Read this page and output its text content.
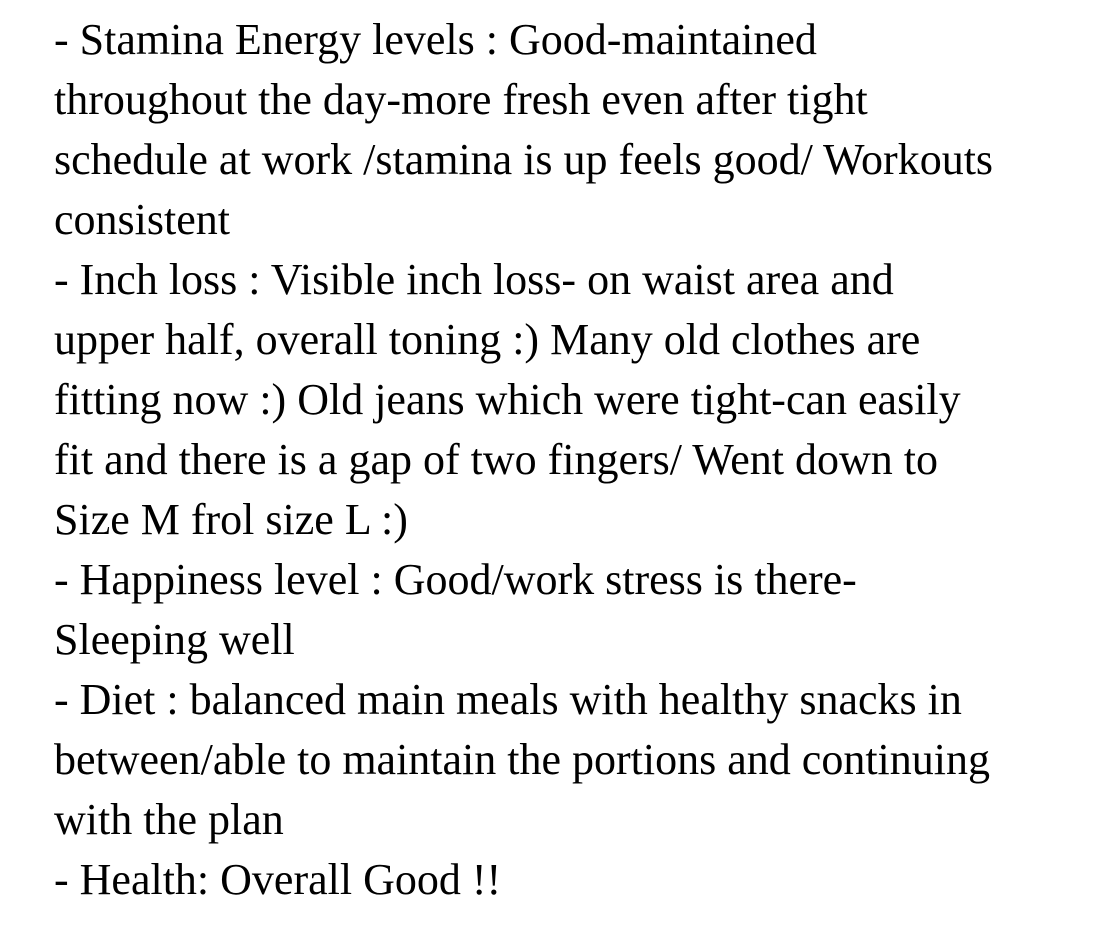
- Stamina Energy levels : Good-maintained
throughout the day-more fresh even after tight
schedule at work /stamina is up feels good/ Workouts
consistent
- Inch loss : Visible inch loss- on waist area and
upper half, overall toning :) Many old clothes are
fitting now :) Old jeans which were tight-can easily
fit and there is a gap of two fingers/ Went down to
Size M frol size L :)
- Happiness level : Good/work stress is there-
Sleeping well
- Diet : balanced main meals with healthy snacks in
between/able to maintain the portions and continuing
with the plan
- Health: Overall Good !!
